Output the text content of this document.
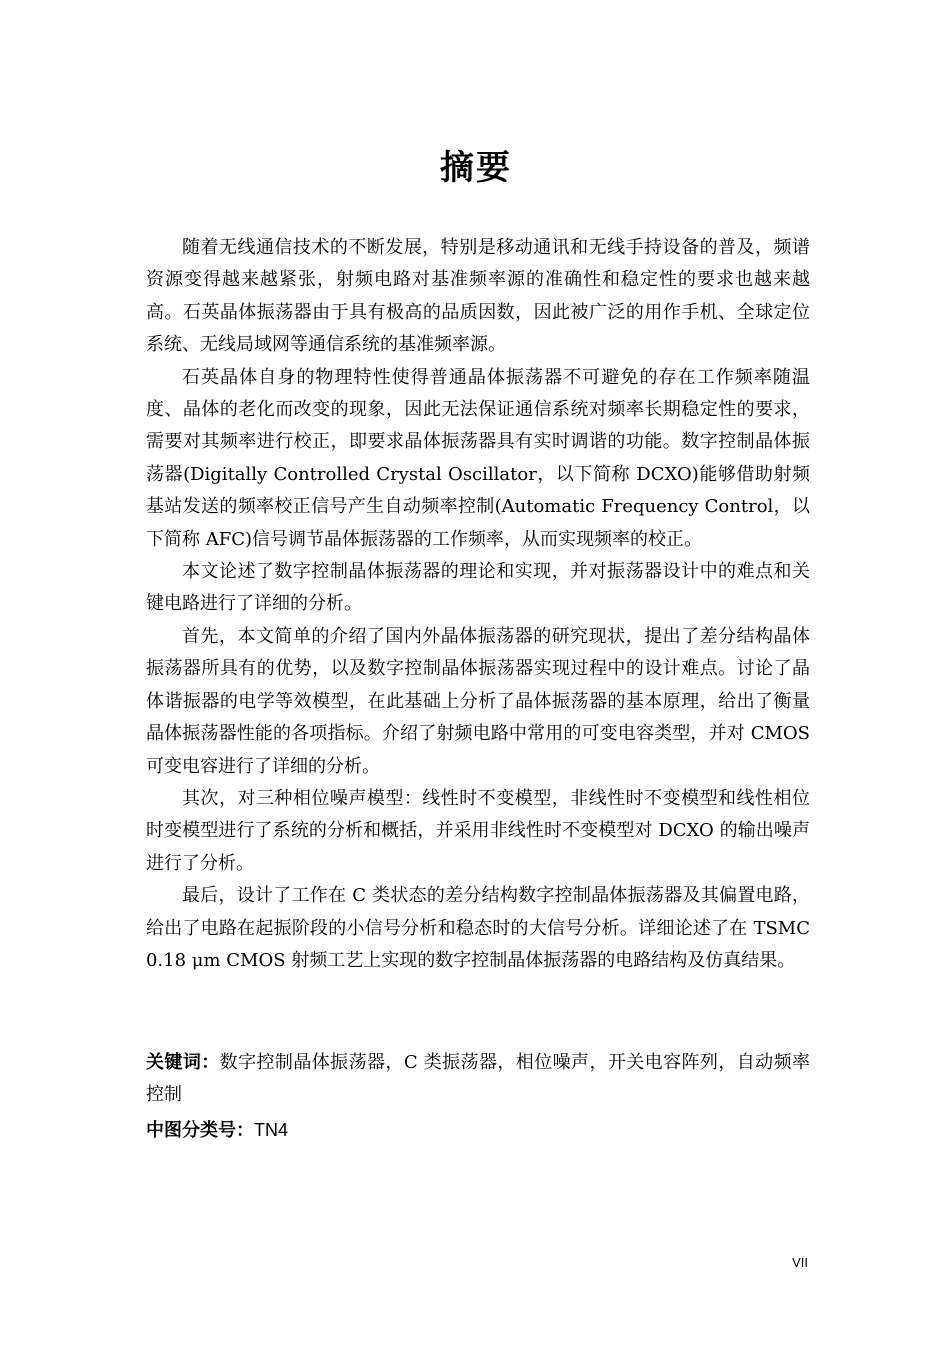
摘要

随着无线通信技术的不断发展，特别是移动通讯和无线手持设备的普及，频谱资源变得越来越紧张，射频电路对基准频率源的准确性和稳定性的要求也越来越高。石英晶体振荡器由于具有极高的品质因数，因此被广泛的用作手机、全球定位系统、无线局域网等通信系统的基准频率源。

石英晶体自身的物理特性使得普通晶体振荡器不可避免的存在工作频率随温度、晶体的老化而改变的现象，因此无法保证通信系统对频率长期稳定性的要求，需要对其频率进行校正，即要求晶体振荡器具有实时调谐的功能。数字控制晶体振荡器(Digitally Controlled Crystal Oscillator，以下简称 DCXO)能够借助射频基站发送的频率校正信号产生自动频率控制(Automatic Frequency Control，以下简称 AFC)信号调节晶体振荡器的工作频率，从而实现频率的校正。

本文论述了数字控制晶体振荡器的理论和实现，并对振荡器设计中的难点和关键电路进行了详细的分析。

首先，本文简单的介绍了国内外晶体振荡器的研究现状，提出了差分结构晶体振荡器所具有的优势，以及数字控制晶体振荡器实现过程中的设计难点。讨论了晶体谐振器的电学等效模型，在此基础上分析了晶体振荡器的基本原理，给出了衡量晶体振荡器性能的各项指标。介绍了射频电路中常用的可变电容类型，并对 CMOS 可变电容进行了详细的分析。

其次，对三种相位噪声模型：线性时不变模型，非线性时不变模型和线性相位时变模型进行了系统的分析和概括，并采用非线性时不变模型对 DCXO 的输出噪声进行了分析。

最后，设计了工作在 C 类状态的差分结构数字控制晶体振荡器及其偏置电路，给出了电路在起振阶段的小信号分析和稳态时的大信号分析。详细论述了在 TSMC 0.18 μm CMOS 射频工艺上实现的数字控制晶体振荡器的电路结构及仿真结果。

关键词：数字控制晶体振荡器，C 类振荡器，相位噪声，开关电容阵列，自动频率控制

中图分类号：TN4

VII
